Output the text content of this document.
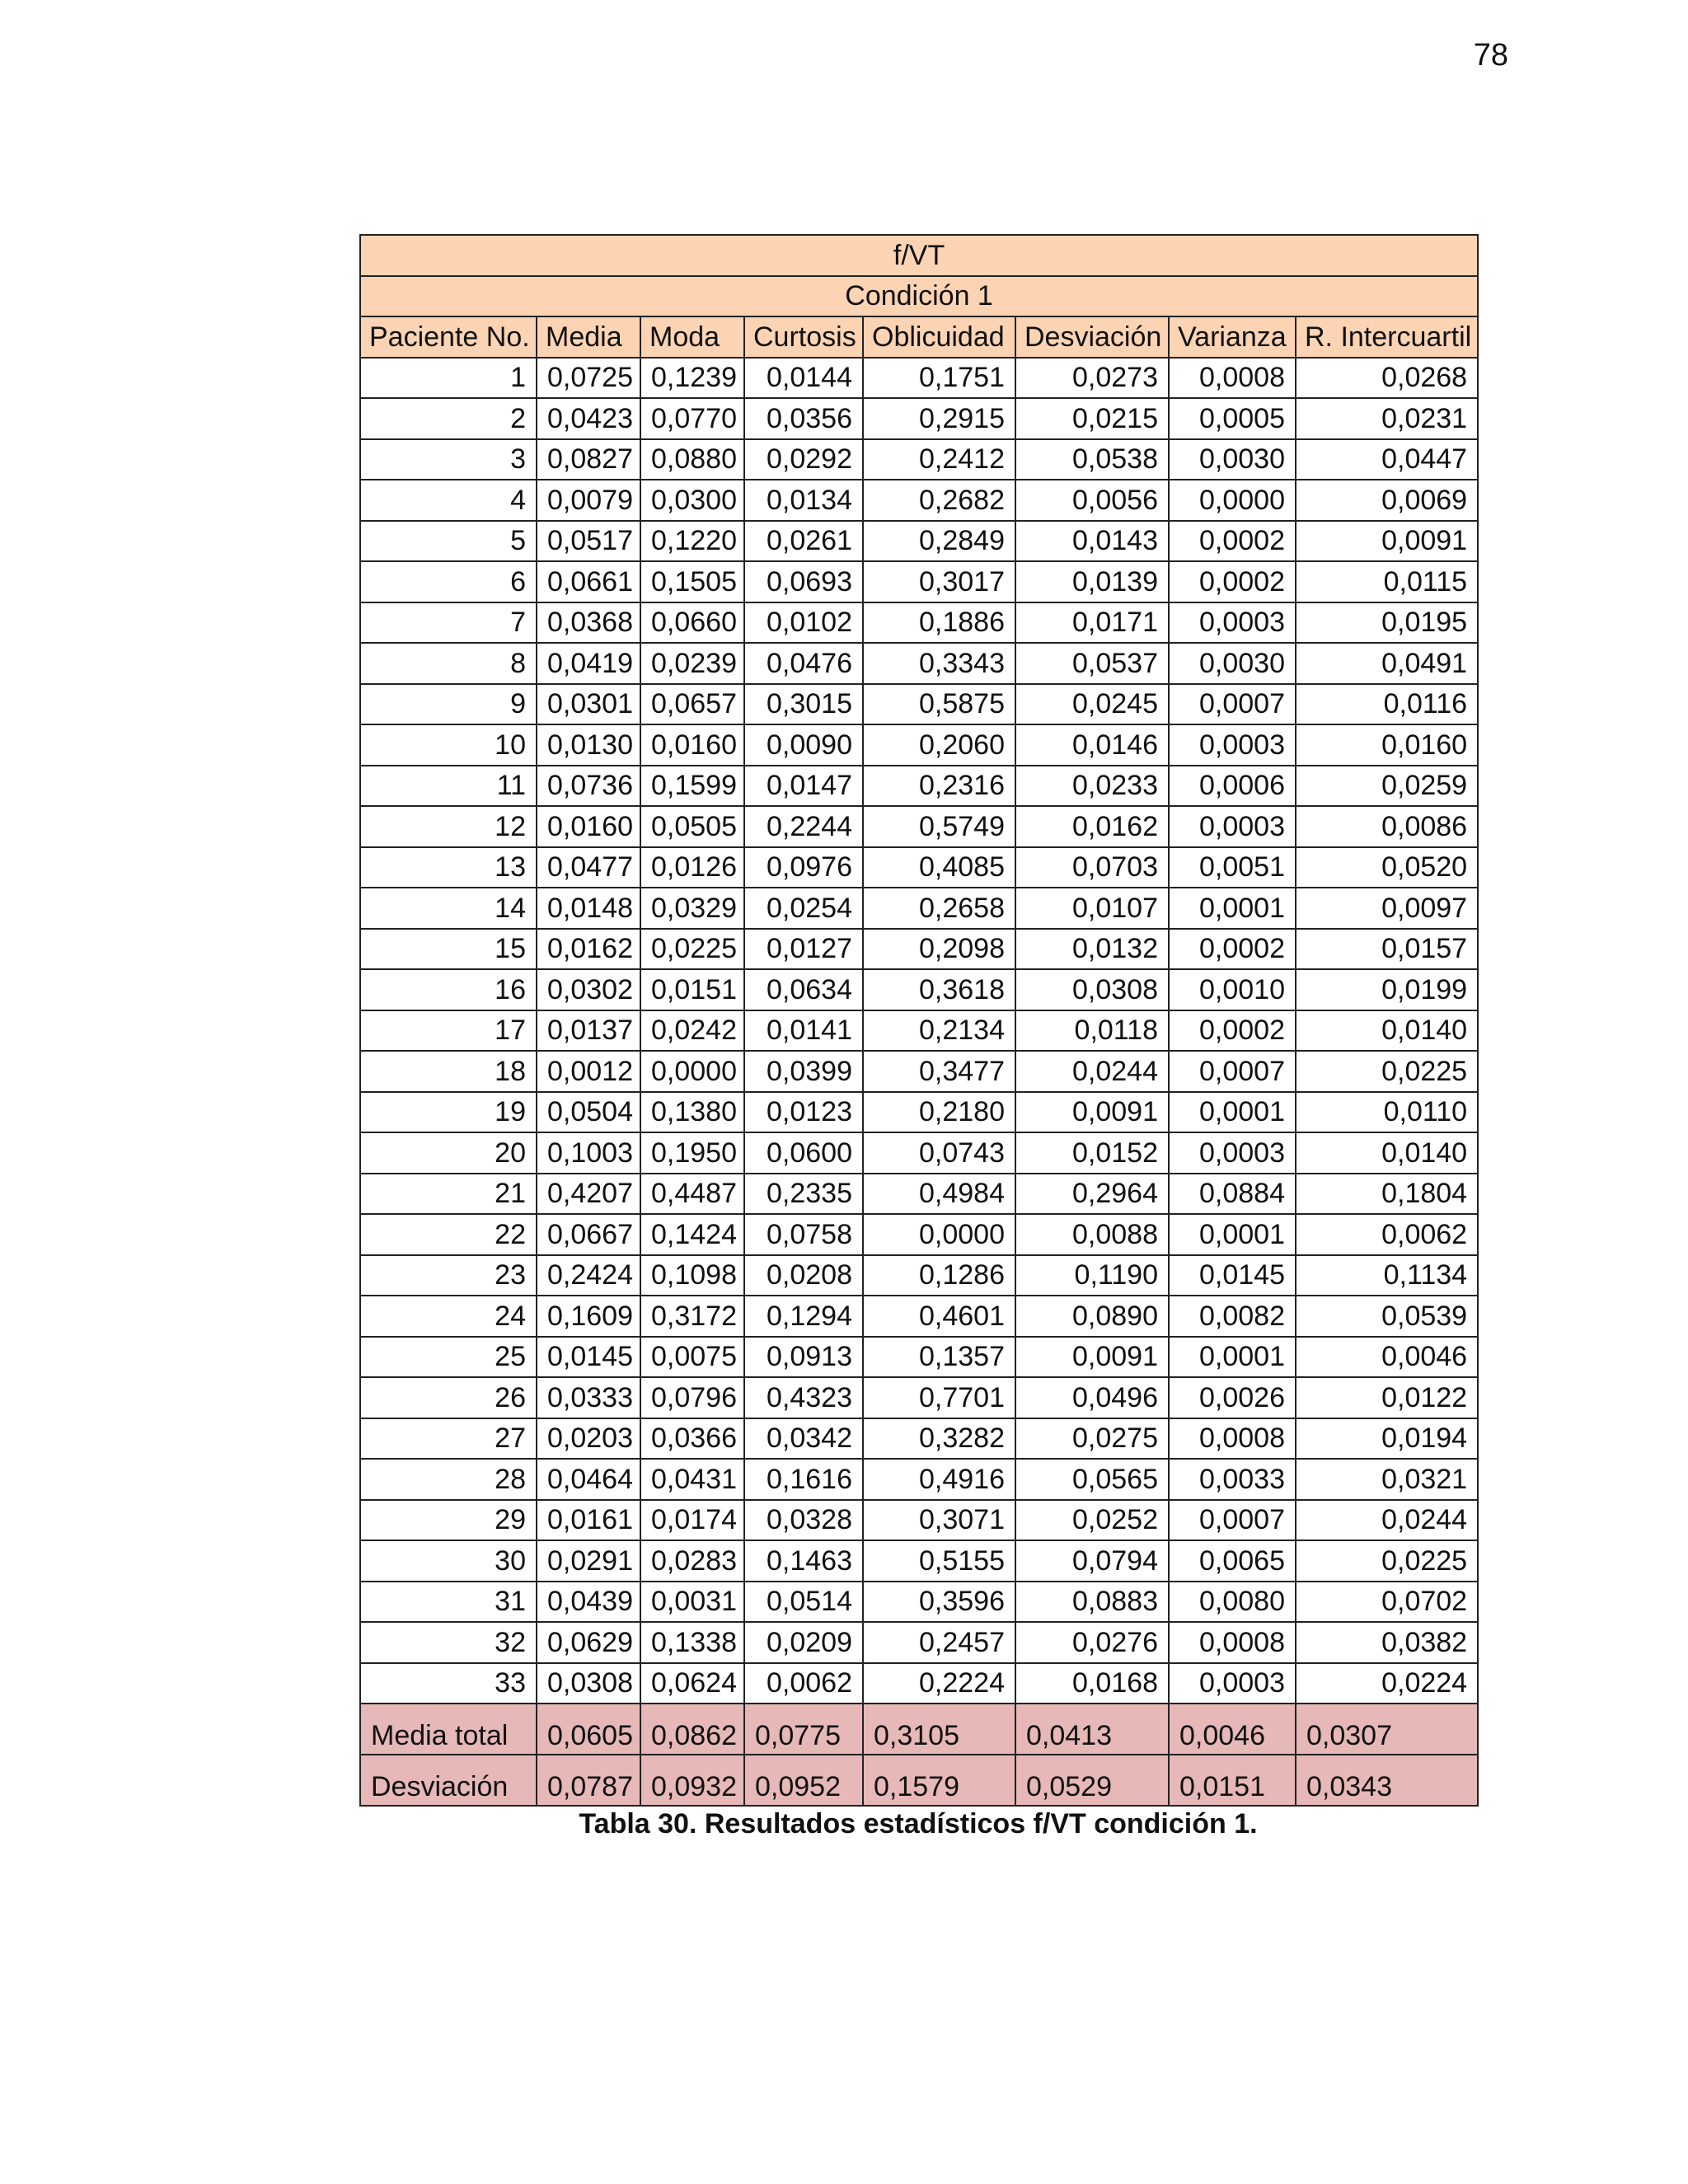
78
f/VT							
Condición 1							
Paciente No.	Media	Moda	Curtosis	Oblicuidad	Desviación	Varianza	R. Intercuartil
1	0,0725	0,1239	0,0144	0,1751	0,0273	0,0008	0,0268
2	0,0423	0,0770	0,0356	0,2915	0,0215	0,0005	0,0231
3	0,0827	0,0880	0,0292	0,2412	0,0538	0,0030	0,0447
4	0,0079	0,0300	0,0134	0,2682	0,0056	0,0000	0,0069
5	0,0517	0,1220	0,0261	0,2849	0,0143	0,0002	0,0091
6	0,0661	0,1505	0,0693	0,3017	0,0139	0,0002	0,0115
7	0,0368	0,0660	0,0102	0,1886	0,0171	0,0003	0,0195
8	0,0419	0,0239	0,0476	0,3343	0,0537	0,0030	0,0491
9	0,0301	0,0657	0,3015	0,5875	0,0245	0,0007	0,0116
10	0,0130	0,0160	0,0090	0,2060	0,0146	0,0003	0,0160
11	0,0736	0,1599	0,0147	0,2316	0,0233	0,0006	0,0259
12	0,0160	0,0505	0,2244	0,5749	0,0162	0,0003	0,0086
13	0,0477	0,0126	0,0976	0,4085	0,0703	0,0051	0,0520
14	0,0148	0,0329	0,0254	0,2658	0,0107	0,0001	0,0097
15	0,0162	0,0225	0,0127	0,2098	0,0132	0,0002	0,0157
16	0,0302	0,0151	0,0634	0,3618	0,0308	0,0010	0,0199
17	0,0137	0,0242	0,0141	0,2134	0,0118	0,0002	0,0140
18	0,0012	0,0000	0,0399	0,3477	0,0244	0,0007	0,0225
19	0,0504	0,1380	0,0123	0,2180	0,0091	0,0001	0,0110
20	0,1003	0,1950	0,0600	0,0743	0,0152	0,0003	0,0140
21	0,4207	0,4487	0,2335	0,4984	0,2964	0,0884	0,1804
22	0,0667	0,1424	0,0758	0,0000	0,0088	0,0001	0,0062
23	0,2424	0,1098	0,0208	0,1286	0,1190	0,0145	0,1134
24	0,1609	0,3172	0,1294	0,4601	0,0890	0,0082	0,0539
25	0,0145	0,0075	0,0913	0,1357	0,0091	0,0001	0,0046
26	0,0333	0,0796	0,4323	0,7701	0,0496	0,0026	0,0122
27	0,0203	0,0366	0,0342	0,3282	0,0275	0,0008	0,0194
28	0,0464	0,0431	0,1616	0,4916	0,0565	0,0033	0,0321
29	0,0161	0,0174	0,0328	0,3071	0,0252	0,0007	0,0244
30	0,0291	0,0283	0,1463	0,5155	0,0794	0,0065	0,0225
31	0,0439	0,0031	0,0514	0,3596	0,0883	0,0080	0,0702
32	0,0629	0,1338	0,0209	0,2457	0,0276	0,0008	0,0382
33	0,0308	0,0624	0,0062	0,2224	0,0168	0,0003	0,0224
Media total	0,0605	0,0862	0,0775	0,3105	0,0413	0,0046	0,0307
Desviación	0,0787	0,0932	0,0952	0,1579	0,0529	0,0151	0,0343
Tabla 30. Resultados estadísticos f/VT condición 1.
